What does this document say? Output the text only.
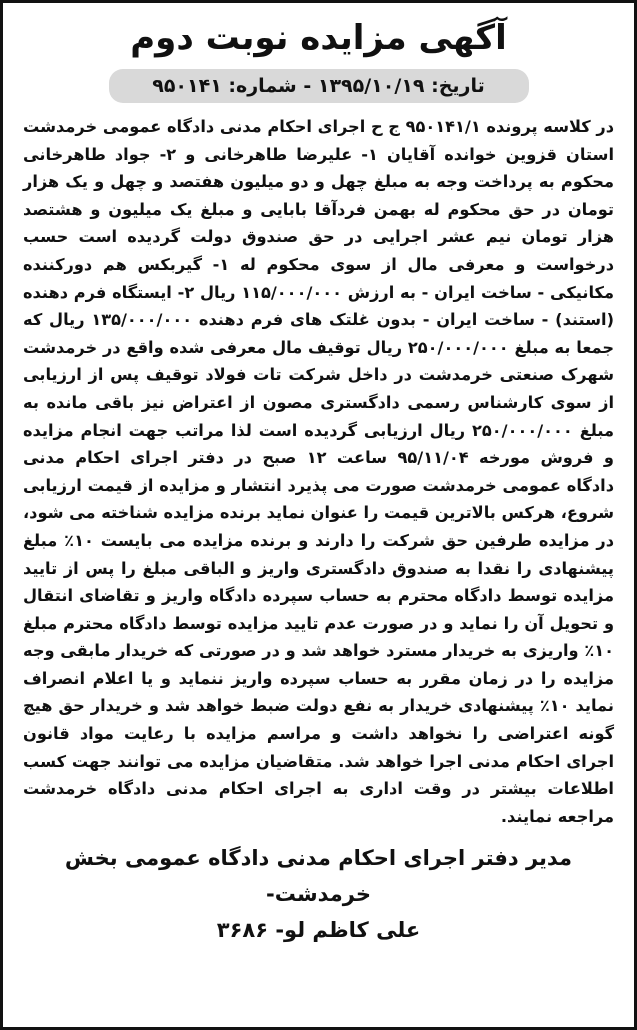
آگهی مزایده نوبت دوم
تاریخ: ۱۳۹۵/۱۰/۱۹ - شماره: ۹۵۰۱۴۱

در کلاسه پرونده ۹۵۰۱۴۱/۱ ج ح اجرای احکام مدنی دادگاه عمومی خرمدشت استان قزوین خوانده آقایان ۱- علیرضا طاهرخانی و ۲- جواد طاهرخانی محکوم به پرداخت وجه به مبلغ چهل و دو میلیون هفتصد و چهل و یک هزار تومان در حق محکوم له بهمن فردآقا بابایی و مبلغ یک میلیون و هشتصد هزار تومان نیم عشر اجرایی در حق صندوق دولت گردیده است حسب درخواست و معرفی مال از سوی محکوم له ۱- گیربکس هم دورکننده مکانیکی - ساخت ایران - به ارزش ۱۱۵/۰۰۰/۰۰۰ ریال ۲- ایستگاه فرم دهنده (استند) - ساخت ایران - بدون غلتک های فرم دهنده ۱۳۵/۰۰۰/۰۰۰ ریال که جمعا به مبلغ ۲۵۰/۰۰۰/۰۰۰ ریال توقیف مال معرفی شده واقع در خرمدشت شهرک صنعتی خرمدشت در داخل شرکت تات فولاد توقیف پس از ارزیابی از سوی کارشناس رسمی دادگستری مصون از اعتراض نیز باقی مانده به مبلغ ۲۵۰/۰۰۰/۰۰۰ ریال ارزیابی گردیده است لذا مراتب جهت انجام مزایده و فروش مورخه ۹۵/۱۱/۰۴ ساعت ۱۲ صبح در دفتر اجرای احکام مدنی دادگاه عمومی خرمدشت صورت می پذیرد انتشار و مزایده از قیمت ارزیابی شروع، هرکس بالاترین قیمت را عنوان نماید برنده مزایده شناخته می شود، در مزایده طرفین حق شرکت را دارند و برنده مزایده می بایست ۱۰٪ مبلغ پیشنهادی را نقدا به صندوق دادگستری واریز و الباقی مبلغ را پس از تایید مزایده توسط دادگاه محترم به حساب سپرده دادگاه واریز و تقاضای انتقال و تحویل آن را نماید و در صورت عدم تایید مزایده توسط دادگاه محترم مبلغ ۱۰٪ واریزی به خریدار مسترد خواهد شد و در صورتی که خریدار مابقی وجه مزایده را در زمان مقرر به حساب سپرده واریز ننماید و یا اعلام انصراف نماید ۱۰٪ پیشنهادی خریدار به نفع دولت ضبط خواهد شد و خریدار حق هیچ گونه اعتراضی را نخواهد داشت و مراسم مزایده با رعایت مواد قانون اجرای احکام مدنی اجرا خواهد شد. متقاضیان مزایده می توانند جهت کسب اطلاعات بیشتر در وقت اداری به اجرای احکام مدنی دادگاه خرمدشت مراجعه نمایند.

مدیر دفتر اجرای احکام مدنی دادگاه عمومی بخش خرمدشت-
علی کاظم لو- ۳۶۸۶
